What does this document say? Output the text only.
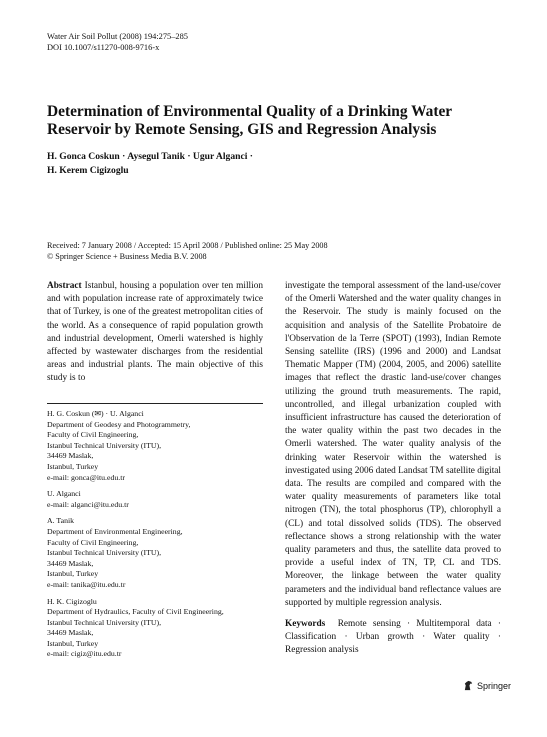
Water Air Soil Pollut (2008) 194:275–285
DOI 10.1007/s11270-008-9716-x
Determination of Environmental Quality of a Drinking Water Reservoir by Remote Sensing, GIS and Regression Analysis
H. Gonca Coskun · Aysegul Tanik · Ugur Alganci ·
H. Kerem Cigizoglu
Received: 7 January 2008 / Accepted: 15 April 2008 / Published online: 25 May 2008
© Springer Science + Business Media B.V. 2008

Abstract Istanbul, housing a population over ten million and with population increase rate of approximately twice that of Turkey, is one of the greatest metropolitan cities of the world. As a consequence of rapid population growth and industrial development, Omerli watershed is highly affected by wastewater discharges from the residential areas and industrial plants. The main objective of this study is to

H. G. Coskun (✉) · U. Alganci
Department of Geodesy and Photogrammetry,
Faculty of Civil Engineering,
Istanbul Technical University (ITU),
34469 Maslak,
Istanbul, Turkey
e-mail: gonca@itu.edu.tr

U. Alganci
e-mail: alganci@itu.edu.tr

A. Tanik
Department of Environmental Engineering,
Faculty of Civil Engineering,
Istanbul Technical University (ITU),
34469 Maslak,
Istanbul, Turkey
e-mail: tanika@itu.edu.tr

H. K. Cigizoglu
Department of Hydraulics, Faculty of Civil Engineering,
Istanbul Technical University (ITU),
34469 Maslak,
Istanbul, Turkey
e-mail: cigiz@itu.edu.tr

investigate the temporal assessment of the land-use/cover of the Omerli Watershed and the water quality changes in the Reservoir. The study is mainly focused on the acquisition and analysis of the Satellite Probatoire de l'Observation de la Terre (SPOT) (1993), Indian Remote Sensing satellite (IRS) (1996 and 2000) and Landsat Thematic Mapper (TM) (2004, 2005, and 2006) satellite images that reflect the drastic land-use/cover changes utilizing the ground truth measurements. The rapid, uncontrolled, and illegal urbanization coupled with insufficient infrastructure has caused the deterioration of the water quality within the past two decades in the Omerli watershed. The water quality analysis of the drinking water Reservoir within the watershed is investigated using 2006 dated Landsat TM satellite digital data. The results are compiled and compared with the water quality measurements of parameters like total nitrogen (TN), the total phosphorus (TP), chlorophyll a (CL) and total dissolved solids (TDS). The observed reflectance shows a strong relationship with the water quality parameters and thus, the satellite data proved to provide a useful index of TN, TP, CL and TDS. Moreover, the linkage between the water quality parameters and the individual band reflectance values are supported by multiple regression analysis.

Keywords Remote sensing · Multitemporal data · Classification · Urban growth · Water quality · Regression analysis

Springer
